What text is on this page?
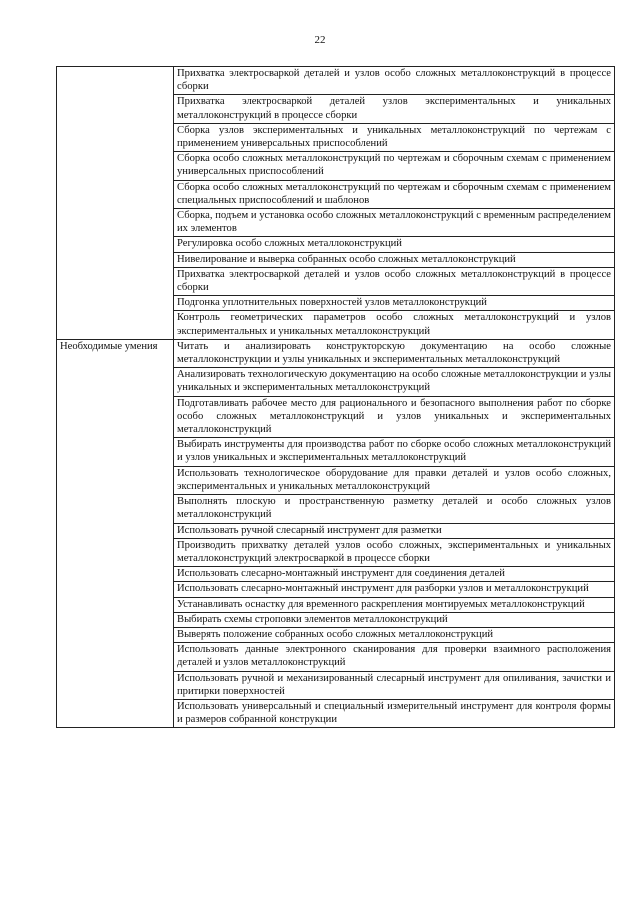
22
	Прихватка электросваркой деталей и узлов особо сложных металлоконструкций в процессе сборки
	Прихватка электросваркой деталей узлов экспериментальных и уникальных металлоконструкций в процессе сборки
	Сборка узлов экспериментальных и уникальных металлоконструкций по чертежам с применением универсальных приспособлений
	Сборка особо сложных металлоконструкций по чертежам и сборочным схемам с применением универсальных приспособлений
	Сборка особо сложных металлоконструкций по чертежам и сборочным схемам с применением специальных приспособлений и шаблонов
	Сборка, подъем и установка особо сложных металлоконструкций с временным распределением их элементов
	Регулировка особо сложных металлоконструкций
	Нивелирование и выверка собранных особо сложных металлоконструкций
	Прихватка электросваркой деталей и узлов особо сложных металлоконструкций в процессе сборки
	Подгонка уплотнительных поверхностей узлов металлоконструкций
	Контроль геометрических параметров особо сложных металлоконструкций и узлов экспериментальных и уникальных металлоконструкций
Необходимые умения	Читать и анализировать конструкторскую документацию на особо сложные металлоконструкции и узлы уникальных и экспериментальных металлоконструкций
	Анализировать технологическую документацию на особо сложные металлоконструкции и узлы уникальных и экспериментальных металлоконструкций
	Подготавливать рабочее место для рационального и безопасного выполнения работ по сборке особо сложных металлоконструкций и узлов уникальных и экспериментальных металлоконструкций
	Выбирать инструменты для производства работ по сборке особо сложных металлоконструкций и узлов уникальных и экспериментальных металлоконструкций
	Использовать технологическое оборудование для правки деталей и узлов особо сложных, экспериментальных и уникальных металлоконструкций
	Выполнять плоскую и пространственную разметку деталей и особо сложных узлов металлоконструкций
	Использовать ручной слесарный инструмент для разметки
	Производить прихватку деталей узлов особо сложных, экспериментальных и уникальных металлоконструкций электросваркой в процессе сборки
	Использовать слесарно-монтажный инструмент для соединения деталей
	Использовать слесарно-монтажный инструмент для разборки узлов и металлоконструкций
	Устанавливать оснастку для временного раскрепления монтируемых металлоконструкций
	Выбирать схемы строповки элементов металлоконструкций
	Выверять положение собранных особо сложных металлоконструкций
	Использовать данные электронного сканирования для проверки взаимного расположения деталей и узлов металлоконструкций
	Использовать ручной и механизированный слесарный инструмент для опиливания, зачистки и притирки поверхностей
	Использовать универсальный и специальный измерительный инструмент для контроля формы и размеров собранной конструкции
